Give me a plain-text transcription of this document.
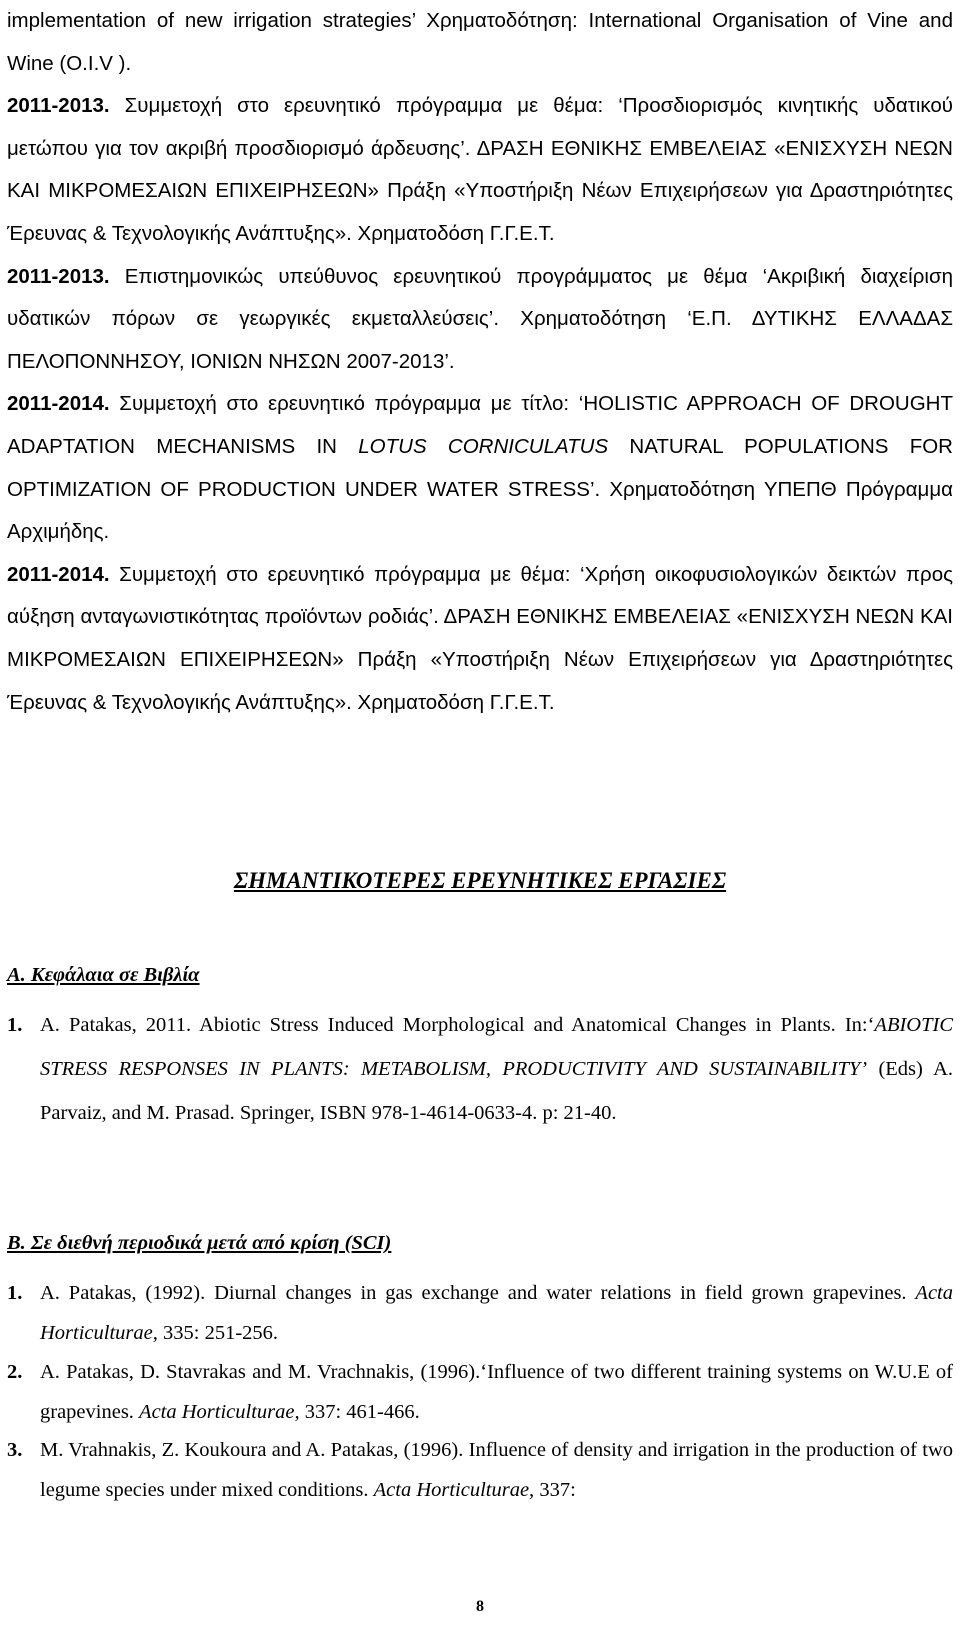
implementation of new irrigation strategies’ Χρηματοδότηση: International Organisation of Vine and Wine (O.I.V ).
2011-2013. Συμμετοχή στο ερευνητικό πρόγραμμα με θέμα: ‘Προσδιορισμός κινητικής υδατικού μετώπου για τον ακριβή προσδιορισμό άρδευσης’. ΔΡΑΣΗ ΕΘΝΙΚΗΣ ΕΜΒΕΛΕΙΑΣ «ΕΝΙΣΧΥΣΗ ΝΕΩΝ ΚΑΙ ΜΙΚΡΟΜΕΣΑΙΩΝ ΕΠΙΧΕΙΡΗΣΕΩΝ» Πράξη «Υποστήριξη Νέων Επιχειρήσεων για Δραστηριότητες Έρευνας & Τεχνολογικής Ανάπτυξης». Χρηματοδόση Γ.Γ.Ε.Τ.
2011-2013. Επιστημονικώς υπεύθυνος ερευνητικού προγράμματος με θέμα ‘Ακριβική διαχείριση υδατικών πόρων σε γεωργικές εκμεταλλεύσεις’. Χρηματοδότηση ‘Ε.Π. ΔΥΤΙΚΗΣ ΕΛΛΑΔΑΣ ΠΕΛΟΠΟΝΝΗΣΟΥ, ΙΟΝΙΩΝ ΝΗΣΩΝ 2007-2013’.
2011-2014. Συμμετοχή στο ερευνητικό πρόγραμμα με τίτλο: ‘HOLISTIC APPROACH OF DROUGHT ADAPTATION MECHANISMS IN LOTUS CORNICULATUS NATURAL POPULATIONS FOR OPTIMIZATION OF PRODUCTION UNDER WATER STRESS’. Χρηματοδότηση ΥΠΕΠΘ Πρόγραμμα Αρχιμήδης.
2011-2014. Συμμετοχή στο ερευνητικό πρόγραμμα με θέμα: ‘Χρήση οικοφυσιολογικών δεικτών προς αύξηση ανταγωνιστικότητας προϊόντων ροδιάς’. ΔΡΑΣΗ ΕΘΝΙΚΗΣ ΕΜΒΕΛΕΙΑΣ «ΕΝΙΣΧΥΣΗ ΝΕΩΝ ΚΑΙ ΜΙΚΡΟΜΕΣΑΙΩΝ ΕΠΙΧΕΙΡΗΣΕΩΝ» Πράξη «Υποστήριξη Νέων Επιχειρήσεων για Δραστηριότητες Έρευνας & Τεχνολογικής Ανάπτυξης». Χρηματοδόση Γ.Γ.Ε.Τ.
ΣΗΜΑΝΤΙΚΟΤΕΡΕΣ ΕΡΕΥΝΗΤΙΚΕΣ ΕΡΓΑΣΙΕΣ
Α. Κεφάλαια σε Βιβλία
1. A. Patakas, 2011. Abiotic Stress Induced Morphological and Anatomical Changes in Plants. In:‘ABIOTIC STRESS RESPONSES IN PLANTS: METABOLISM, PRODUCTIVITY AND SUSTAINABILITY’ (Eds) A. Parvaiz, and M. Prasad. Springer, ISBN 978-1-4614-0633-4. p: 21-40.
Β. Σε διεθνή περιοδικά μετά από κρίση (SCI)
1. A. Patakas, (1992). Diurnal changes in gas exchange and water relations in field grown grapevines. Acta Horticulturae, 335: 251-256.
2. A. Patakas, D. Stavrakas and M. Vrachnakis, (1996).‘Influence of two different training systems on W.U.E of grapevines. Acta Horticulturae, 337: 461-466.
3. M. Vrahnakis, Z. Koukoura and A. Patakas, (1996). Influence of density and irrigation in the production of two legume species under mixed conditions. Acta Horticulturae, 337:
8
